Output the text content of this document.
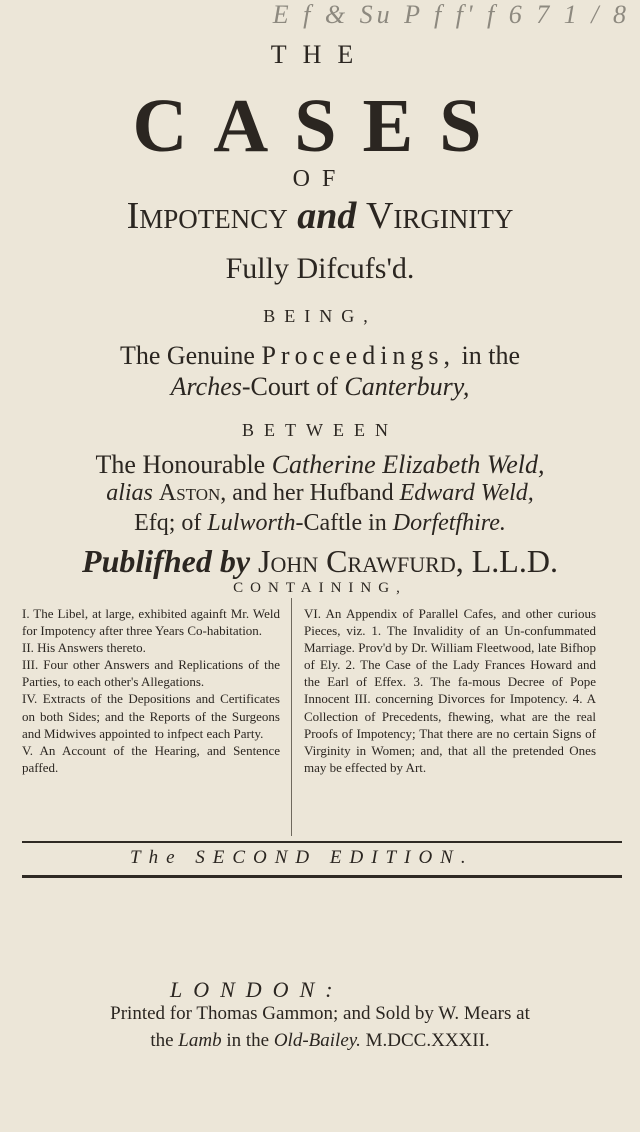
E f & Su P f f' f 6 7 1 / 8
THE
CASES
OF
Impotency and Virginity
Fully Difcufs'd.
BEING,
The Genuine Proceedings, in the
Arches-Court of Canterbury,
BETWEEN
The Honourable Catherine Elizabeth Weld,
alias Aston, and her Hufband Edward Weld,
Efq; of Lulworth-Caftle in Dorfetfhire.
Publifhed by John Crawfurd, L.L.D.
CONTAINING,

I. The Libel, at large, exhibited againft Mr. Weld for Impotency after three Years Co-habitation.

II. His Answers thereto.

III. Four other Answers and Replications of the Parties, to each other's Allegations.

IV. Extracts of the Depositions and Certificates on both Sides; and the Reports of the Surgeons and Midwives appointed to infpect each Party.

V. An Account of the Hearing, and Sentence paffed.

VI. An Appendix of Parallel Cafes, and other curious Pieces, viz. 1. The Invalidity of an Un-confummated Marriage. Prov'd by Dr. William Fleetwood, late Bifhop of Ely. 2. The Case of the Lady Frances Howard and the Earl of Effex. 3. The fa-mous Decree of Pope Innocent III. concerning Divorces for Impotency. 4. A Collection of Precedents, fhewing, what are the real Proofs of Impotency; That there are no certain Signs of Virginity in Women; and, that all the pretended Ones may be effected by Art.

The SECOND EDITION.
LONDON:
Printed for Thomas Gammon; and Sold by W. Mears at
the Lamb in the Old-Bailey. M.DCC.XXXII.
